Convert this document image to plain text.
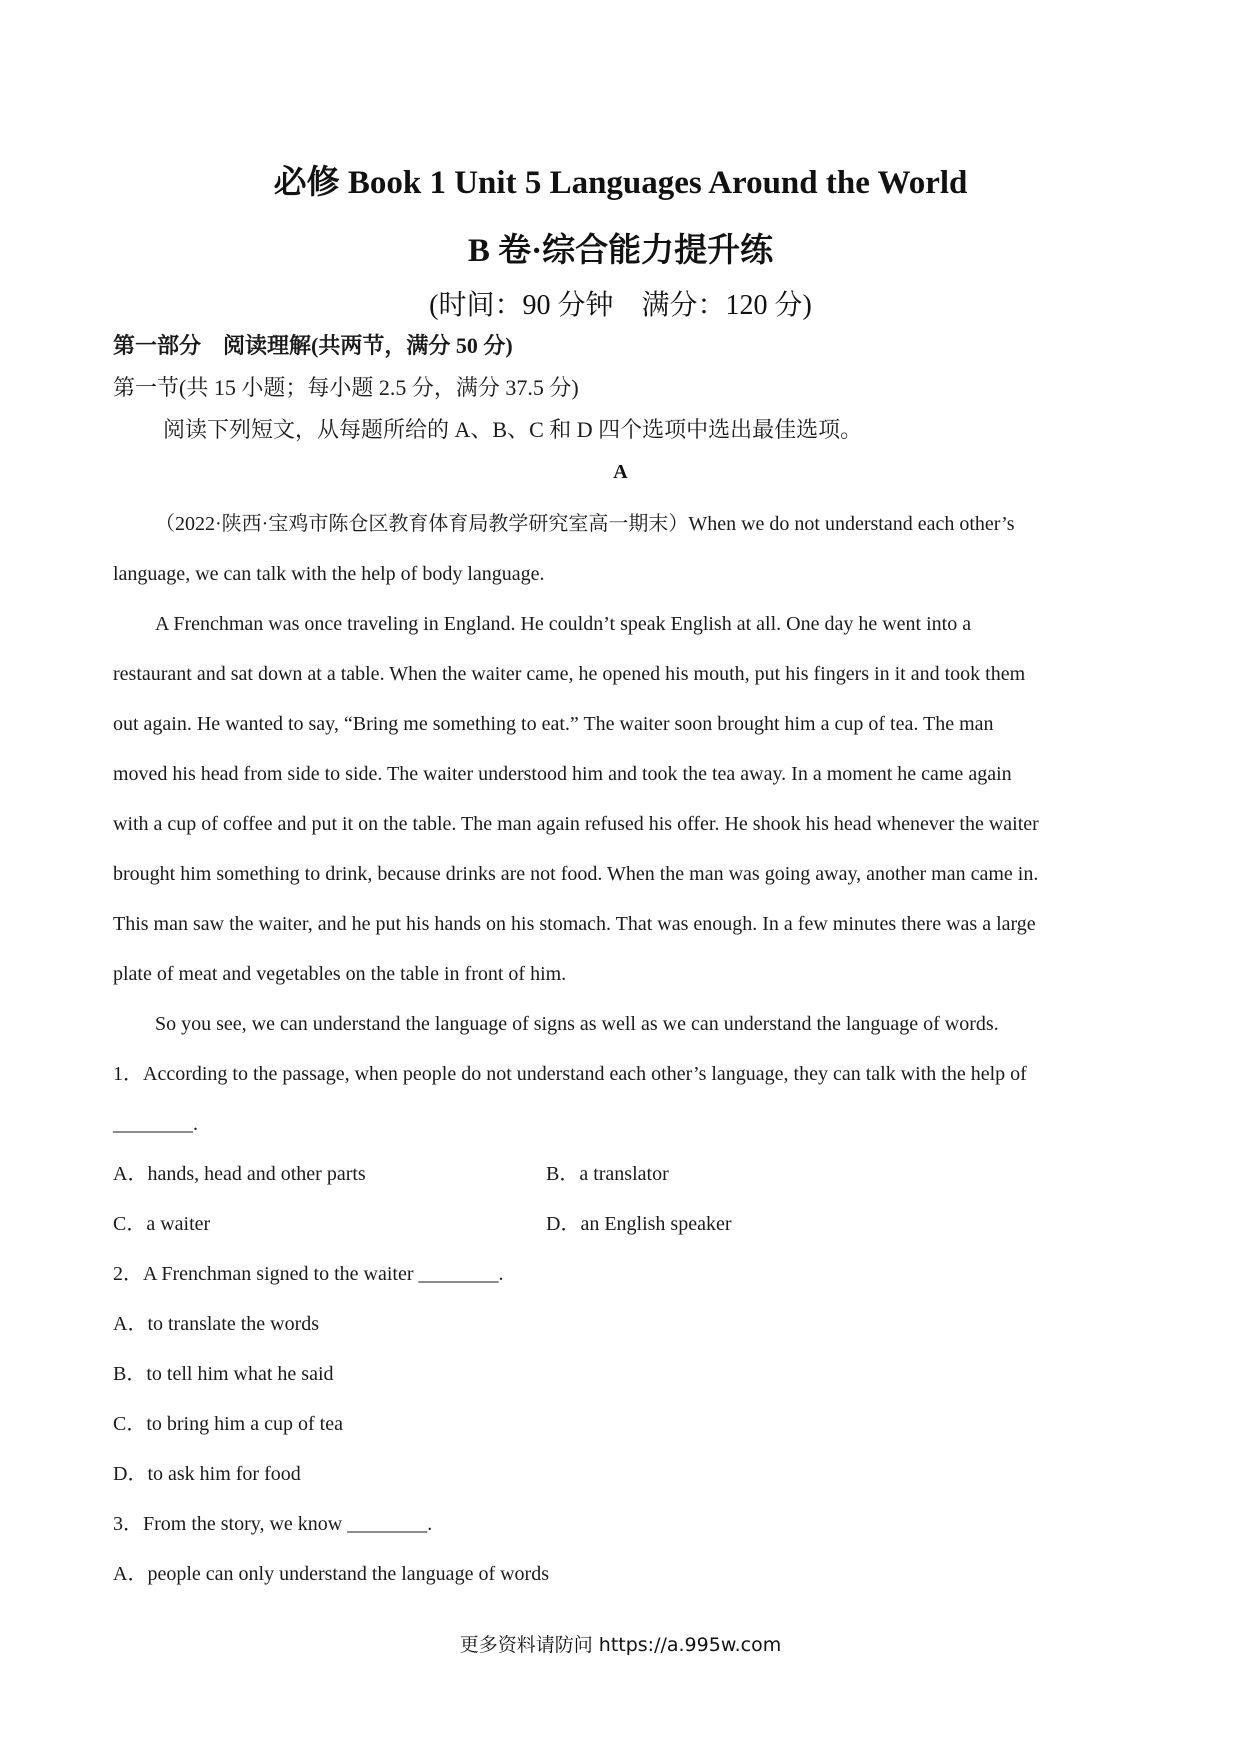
必修 Book 1 Unit 5 Languages Around the World
B 卷·综合能力提升练
(时间：90 分钟　满分：120 分)
第一部分　阅读理解(共两节，满分 50 分)
第一节(共 15 小题；每小题 2.5 分，满分 37.5 分)
阅读下列短文，从每题所给的 A、B、C 和 D 四个选项中选出最佳选项。
A
（2022·陕西·宝鸡市陈仓区教育体育局教学研究室高一期末）When we do not understand each other’s
language, we can talk with the help of body language.
A Frenchman was once traveling in England. He couldn’t speak English at all. One day he went into a
restaurant and sat down at a table. When the waiter came, he opened his mouth, put his fingers in it and took them
out again. He wanted to say, “Bring me something to eat.” The waiter soon brought him a cup of tea. The man
moved his head from side to side. The waiter understood him and took the tea away. In a moment he came again
with a cup of coffee and put it on the table. The man again refused his offer. He shook his head whenever the waiter
brought him something to drink, because drinks are not food. When the man was going away, another man came in.
This man saw the waiter, and he put his hands on his stomach. That was enough. In a few minutes there was a large
plate of meat and vegetables on the table in front of him.
So you see, we can understand the language of signs as well as we can understand the language of words.
1．According to the passage, when people do not understand each other’s language, they can talk with the help of
________.
A．hands, head and other parts	B．a translator
C．a waiter	D．an English speaker
2．A Frenchman signed to the waiter ________.
A．to translate the words
B．to tell him what he said
C．to bring him a cup of tea
D．to ask him for food
3．From the story, we know ________.
A．people can only understand the language of words
更多资料请防问 https://a.995w.com
